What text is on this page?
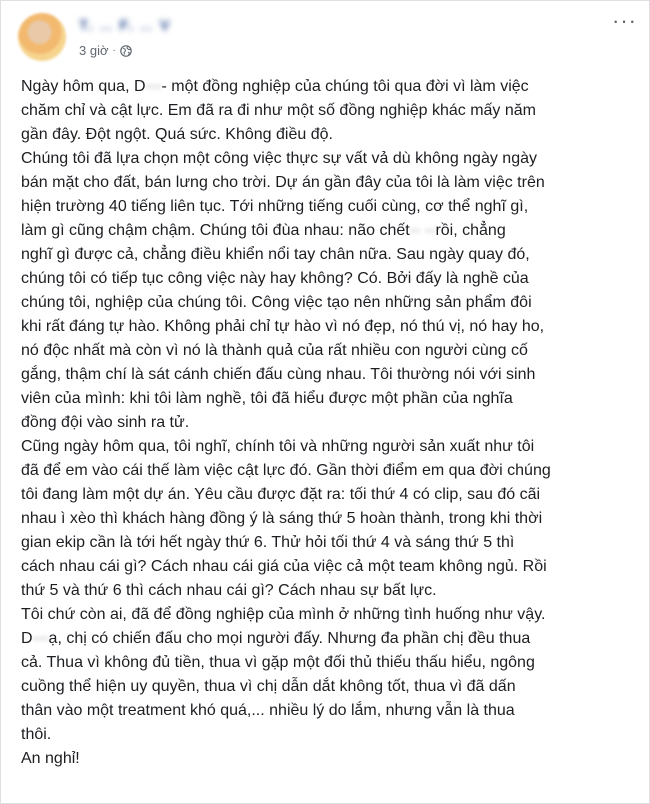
T. .. F. .. V
3 giờ ·
···

Ngày hôm qua, D···- một đồng nghiệp của chúng tôi qua đời vì làm việc
chăm chỉ và cật lực. Em đã ra đi như một số đồng nghiệp khác mấy năm
gần đây. Đột ngột. Quá sức. Không điều độ.

Chúng tôi đã lựa chọn một công việc thực sự vất vả dù không ngày ngày
bán mặt cho đất, bán lưng cho trời. Dự án gần đây của tôi là làm việc trên
hiện trường 40 tiếng liên tục. Tới những tiếng cuối cùng, cơ thể nghĩ gì,
làm gì cũng chậm chậm. Chúng tôi đùa nhau: não chết·· ··rồi, chẳng
nghĩ gì được cả, chẳng điều khiển nổi tay chân nữa. Sau ngày quay đó,
chúng tôi có tiếp tục công việc này hay không? Có. Bởi đấy là nghề của
chúng tôi, nghiệp của chúng tôi. Công việc tạo nên những sản phẩm đôi
khi rất đáng tự hào. Không phải chỉ tự hào vì nó đẹp, nó thú vị, nó hay ho,
nó độc nhất mà còn vì nó là thành quả của rất nhiều con người cùng cố
gắng, thậm chí là sát cánh chiến đấu cùng nhau. Tôi thường nói với sinh
viên của mình: khi tôi làm nghề, tôi đã hiểu được một phần của nghĩa
đồng đội vào sinh ra tử.

Cũng ngày hôm qua, tôi nghĩ, chính tôi và những người sản xuất như tôi
đã để em vào cái thế làm việc cật lực đó. Gần thời điểm em qua đời chúng
tôi đang làm một dự án. Yêu cầu được đặt ra: tối thứ 4 có clip, sau đó cãi
nhau ì xèo thì khách hàng đồng ý là sáng thứ 5 hoàn thành, trong khi thời
gian ekip cần là tới hết ngày thứ 6. Thử hỏi tối thứ 4 và sáng thứ 5 thì
cách nhau cái gì? Cách nhau cái giá của việc cả một team không ngủ. Rồi
thứ 5 và thứ 6 thì cách nhau cái gì? Cách nhau sự bất lực.

Tôi chứ còn ai, đã để đồng nghiệp của mình ở những tình huống như vậy.
D···ạ, chị có chiến đấu cho mọi người đấy. Nhưng đa phần chị đều thua
cả. Thua vì không đủ tiền, thua vì gặp một đối thủ thiếu thấu hiểu, ngông
cuồng thể hiện uy quyền, thua vì chị dẫn dắt không tốt, thua vì đã dấn
thân vào một treatment khó quá,... nhiều lý do lắm, nhưng vẫn là thua
thôi.

An nghỉ!
